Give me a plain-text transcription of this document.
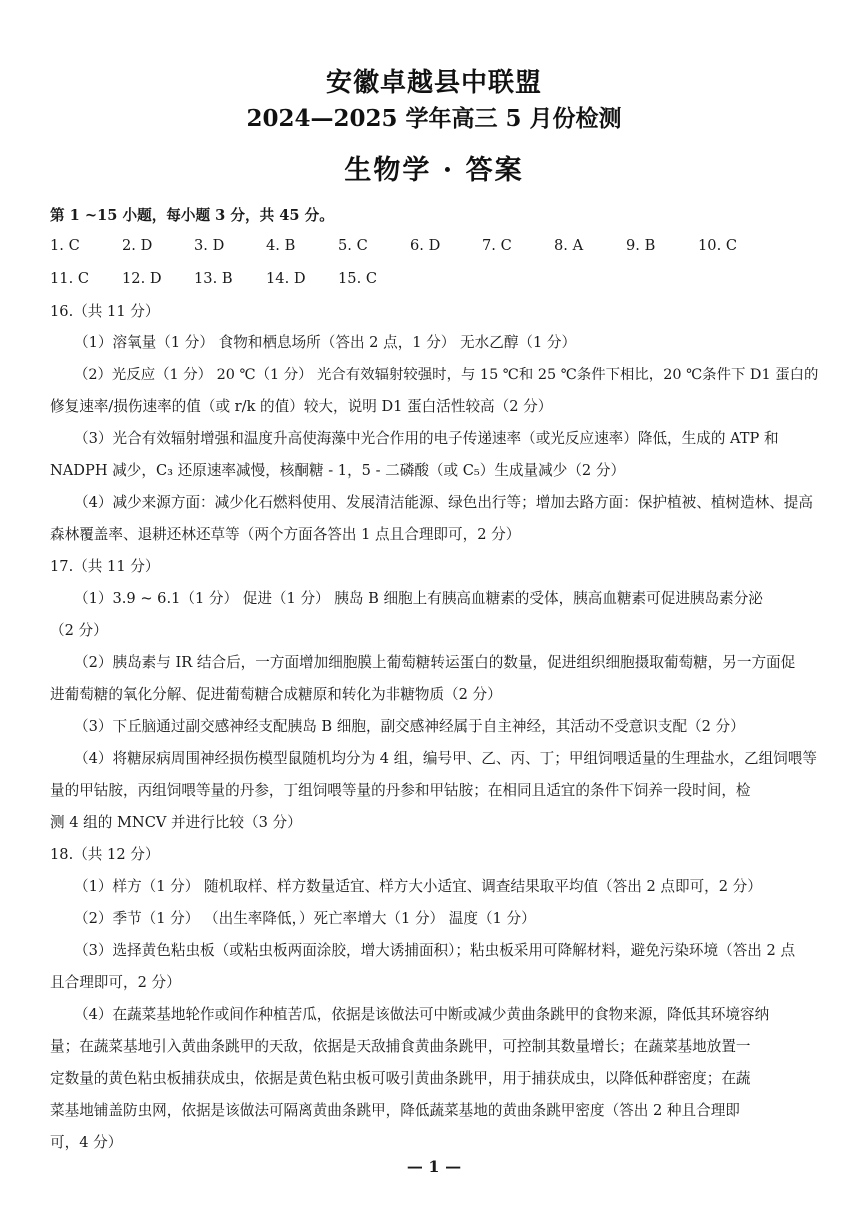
安徽卓越县中联盟
2024—2025 学年高三 5 月份检测
生物学 · 答案
第 1 ~15 小题，每小题 3 分，共 45 分。
1. C	2. D	3. D	4. B	5. C	6. D	7. C	8. A	9. B	10. C
11. C 12. D 13. B 14. D 15. C
16.（共 11 分）
（1）溶氧量（1 分） 食物和栖息场所（答出 2 点，1 分） 无水乙醇（1 分）
（2）光反应（1 分） 20 ℃（1 分） 光合有效辐射较强时，与 15 ℃和 25 ℃条件下相比，20 ℃条件下 D1 蛋白的
修复速率/损伤速率的值（或 r/k 的值）较大，说明 D1 蛋白活性较高（2 分）
（3）光合有效辐射增强和温度升高使海藻中光合作用的电子传递速率（或光反应速率）降低，生成的 ATP 和
NADPH 减少，C₃ 还原速率减慢，核酮糖 - 1，5 - 二磷酸（或 C₅）生成量减少（2 分）
（4）减少来源方面：减少化石燃料使用、发展清洁能源、绿色出行等；增加去路方面：保护植被、植树造林、提高
森林覆盖率、退耕还林还草等（两个方面各答出 1 点且合理即可，2 分）
17.（共 11 分）
（1）3.9 ~ 6.1（1 分） 促进（1 分） 胰岛 B 细胞上有胰高血糖素的受体，胰高血糖素可促进胰岛素分泌
（2 分）
（2）胰岛素与 IR 结合后，一方面增加细胞膜上葡萄糖转运蛋白的数量，促进组织细胞摄取葡萄糖，另一方面促
进葡萄糖的氧化分解、促进葡萄糖合成糖原和转化为非糖物质（2 分）
（3）下丘脑通过副交感神经支配胰岛 B 细胞，副交感神经属于自主神经，其活动不受意识支配（2 分）
（4）将糖尿病周围神经损伤模型鼠随机均分为 4 组，编号甲、乙、丙、丁；甲组饲喂适量的生理盐水，乙组饲喂等
量的甲钴胺，丙组饲喂等量的丹参，丁组饲喂等量的丹参和甲钴胺；在相同且适宜的条件下饲养一段时间，检
测 4 组的 MNCV 并进行比较（3 分）
18.（共 12 分）
（1）样方（1 分） 随机取样、样方数量适宜、样方大小适宜、调查结果取平均值（答出 2 点即可，2 分）
（2）季节（1 分） （出生率降低，）死亡率增大（1 分） 温度（1 分）
（3）选择黄色粘虫板（或粘虫板两面涂胶，增大诱捕面积）；粘虫板采用可降解材料，避免污染环境（答出 2 点
且合理即可，2 分）
（4）在蔬菜基地轮作或间作种植苦瓜，依据是该做法可中断或减少黄曲条跳甲的食物来源，降低其环境容纳
量；在蔬菜基地引入黄曲条跳甲的天敌，依据是天敌捕食黄曲条跳甲，可控制其数量增长；在蔬菜基地放置一
定数量的黄色粘虫板捕获成虫，依据是黄色粘虫板可吸引黄曲条跳甲，用于捕获成虫，以降低种群密度；在蔬
菜基地铺盖防虫网，依据是该做法可隔离黄曲条跳甲，降低蔬菜基地的黄曲条跳甲密度（答出 2 种且合理即
可，4 分）
— 1 —
